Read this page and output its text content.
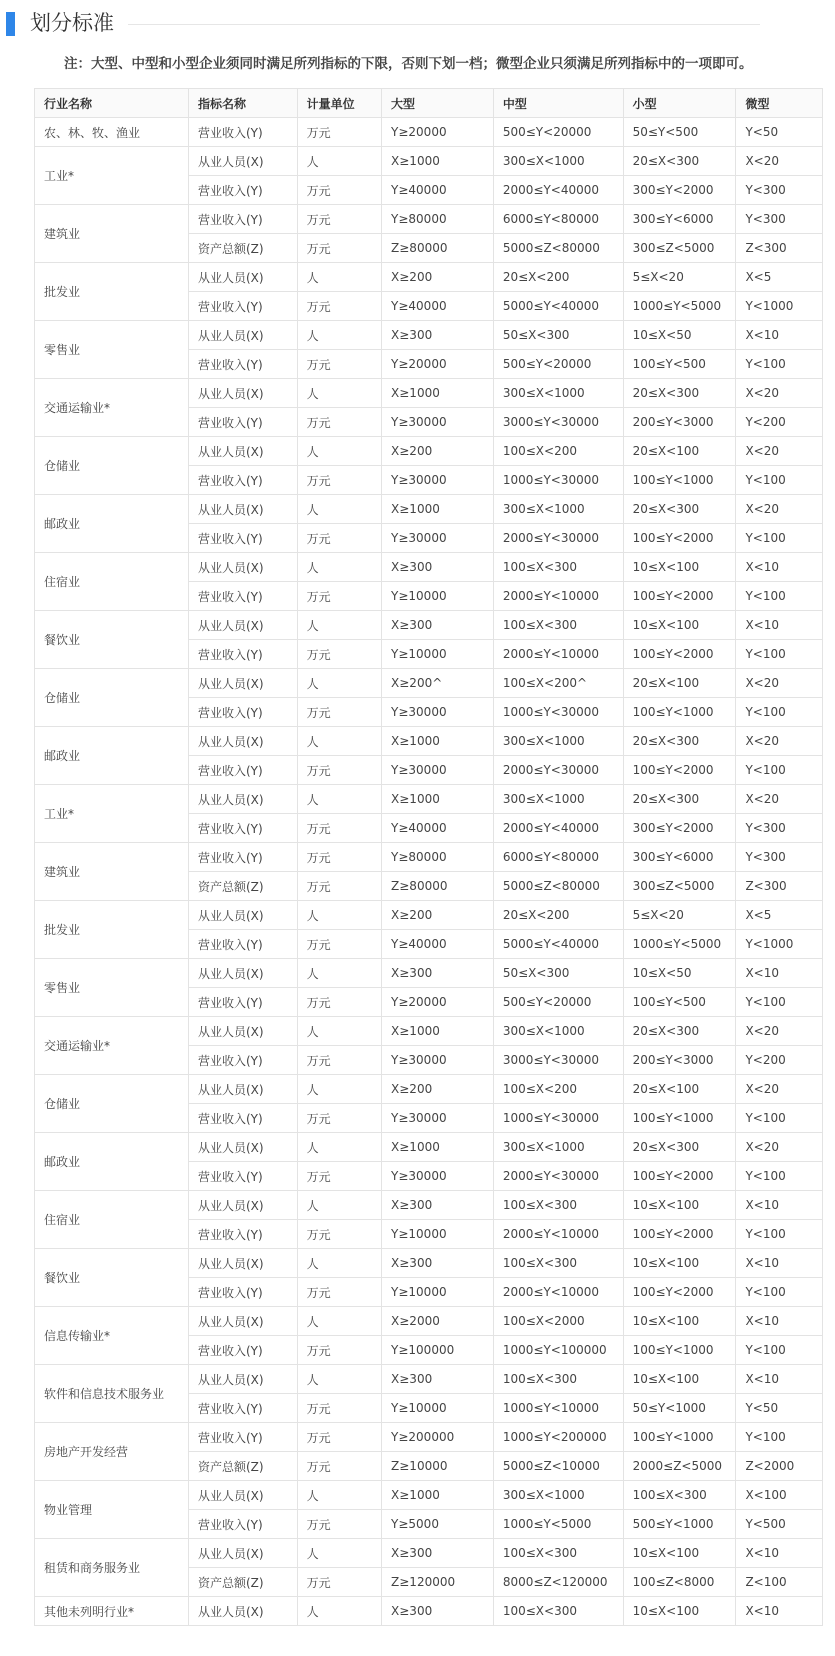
划分标准
注：大型、中型和小型企业须同时满足所列指标的下限，否则下划一档；微型企业只须满足所列指标中的一项即可。
行业名称	指标名称	计量单位	大型	中型	小型	微型
农、林、牧、渔业	营业收入(Y)	万元	Y≥20000	500≤Y<20000	50≤Y<500	Y<50
工业*	从业人员(X)	人	X≥1000	300≤X<1000	20≤X<300	X<20
	营业收入(Y)	万元	Y≥40000	2000≤Y<40000	300≤Y<2000	Y<300
建筑业	营业收入(Y)	万元	Y≥80000	6000≤Y<80000	300≤Y<6000	Y<300
	资产总额(Z)	万元	Z≥80000	5000≤Z<80000	300≤Z<5000	Z<300
批发业	从业人员(X)	人	X≥200	20≤X<200	5≤X<20	X<5
	营业收入(Y)	万元	Y≥40000	5000≤Y<40000	1000≤Y<5000	Y<1000
零售业	从业人员(X)	人	X≥300	50≤X<300	10≤X<50	X<10
	营业收入(Y)	万元	Y≥20000	500≤Y<20000	100≤Y<500	Y<100
交通运输业*	从业人员(X)	人	X≥1000	300≤X<1000	20≤X<300	X<20
	营业收入(Y)	万元	Y≥30000	3000≤Y<30000	200≤Y<3000	Y<200
仓储业	从业人员(X)	人	X≥200	100≤X<200	20≤X<100	X<20
	营业收入(Y)	万元	Y≥30000	1000≤Y<30000	100≤Y<1000	Y<100
邮政业	从业人员(X)	人	X≥1000	300≤X<1000	20≤X<300	X<20
	营业收入(Y)	万元	Y≥30000	2000≤Y<30000	100≤Y<2000	Y<100
住宿业	从业人员(X)	人	X≥300	100≤X<300	10≤X<100	X<10
	营业收入(Y)	万元	Y≥10000	2000≤Y<10000	100≤Y<2000	Y<100
餐饮业	从业人员(X)	人	X≥300	100≤X<300	10≤X<100	X<10
	营业收入(Y)	万元	Y≥10000	2000≤Y<10000	100≤Y<2000	Y<100
仓储业	从业人员(X)	人	X≥200^	100≤X<200^	20≤X<100	X<20
	营业收入(Y)	万元	Y≥30000	1000≤Y<30000	100≤Y<1000	Y<100
邮政业	从业人员(X)	人	X≥1000	300≤X<1000	20≤X<300	X<20
	营业收入(Y)	万元	Y≥30000	2000≤Y<30000	100≤Y<2000	Y<100
工业*	从业人员(X)	人	X≥1000	300≤X<1000	20≤X<300	X<20
	营业收入(Y)	万元	Y≥40000	2000≤Y<40000	300≤Y<2000	Y<300
建筑业	营业收入(Y)	万元	Y≥80000	6000≤Y<80000	300≤Y<6000	Y<300
	资产总额(Z)	万元	Z≥80000	5000≤Z<80000	300≤Z<5000	Z<300
批发业	从业人员(X)	人	X≥200	20≤X<200	5≤X<20	X<5
	营业收入(Y)	万元	Y≥40000	5000≤Y<40000	1000≤Y<5000	Y<1000
零售业	从业人员(X)	人	X≥300	50≤X<300	10≤X<50	X<10
	营业收入(Y)	万元	Y≥20000	500≤Y<20000	100≤Y<500	Y<100
交通运输业*	从业人员(X)	人	X≥1000	300≤X<1000	20≤X<300	X<20
	营业收入(Y)	万元	Y≥30000	3000≤Y<30000	200≤Y<3000	Y<200
仓储业	从业人员(X)	人	X≥200	100≤X<200	20≤X<100	X<20
	营业收入(Y)	万元	Y≥30000	1000≤Y<30000	100≤Y<1000	Y<100
邮政业	从业人员(X)	人	X≥1000	300≤X<1000	20≤X<300	X<20
	营业收入(Y)	万元	Y≥30000	2000≤Y<30000	100≤Y<2000	Y<100
住宿业	从业人员(X)	人	X≥300	100≤X<300	10≤X<100	X<10
	营业收入(Y)	万元	Y≥10000	2000≤Y<10000	100≤Y<2000	Y<100
餐饮业	从业人员(X)	人	X≥300	100≤X<300	10≤X<100	X<10
	营业收入(Y)	万元	Y≥10000	2000≤Y<10000	100≤Y<2000	Y<100
信息传输业*	从业人员(X)	人	X≥2000	100≤X<2000	10≤X<100	X<10
	营业收入(Y)	万元	Y≥100000	1000≤Y<100000	100≤Y<1000	Y<100
软件和信息技术服务业	从业人员(X)	人	X≥300	100≤X<300	10≤X<100	X<10
	营业收入(Y)	万元	Y≥10000	1000≤Y<10000	50≤Y<1000	Y<50
房地产开发经营	营业收入(Y)	万元	Y≥200000	1000≤Y<200000	100≤Y<1000	Y<100
	资产总额(Z)	万元	Z≥10000	5000≤Z<10000	2000≤Z<5000	Z<2000
物业管理	从业人员(X)	人	X≥1000	300≤X<1000	100≤X<300	X<100
	营业收入(Y)	万元	Y≥5000	1000≤Y<5000	500≤Y<1000	Y<500
租赁和商务服务业	从业人员(X)	人	X≥300	100≤X<300	10≤X<100	X<10
	资产总额(Z)	万元	Z≥120000	8000≤Z<120000	100≤Z<8000	Z<100
其他未列明行业*	从业人员(X)	人	X≥300	100≤X<300	10≤X<100	X<10
